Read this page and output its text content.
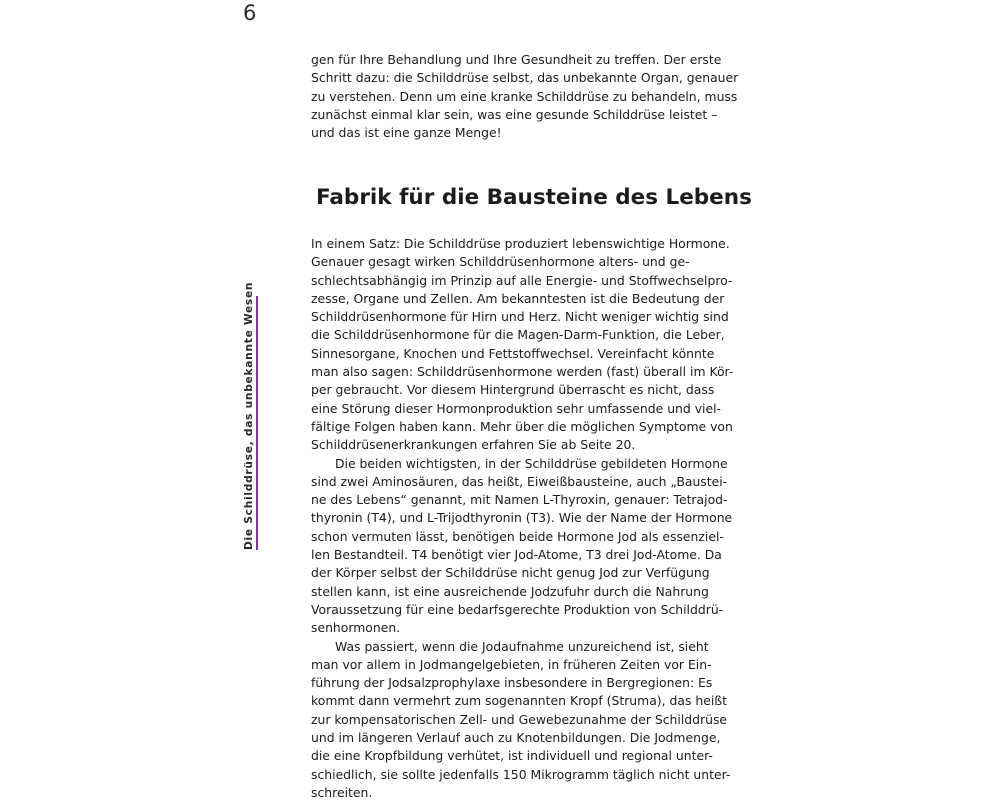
6
Die Schilddrüse, das unbekannte Wesen
gen für Ihre Behandlung und Ihre Gesundheit zu treffen. Der erste
Schritt dazu: die Schilddrüse selbst, das unbekannte Organ, genauer
zu verstehen. Denn um eine kranke Schilddrüse zu behandeln, muss
zunächst einmal klar sein, was eine gesunde Schilddrüse leistet –
und das ist eine ganze Menge!
Fabrik für die Bausteine des Lebens
In einem Satz: Die Schilddrüse produziert lebenswichtige Hormone.
Genauer gesagt wirken Schilddrüsenhormone alters- und ge-
schlechtsabhängig im Prinzip auf alle Energie- und Stoffwechselpro-
zesse, Organe und Zellen. Am bekanntesten ist die Bedeutung der
Schilddrüsenhormone für Hirn und Herz. Nicht weniger wichtig sind
die Schilddrüsenhormone für die Magen-Darm-Funktion, die Leber,
Sinnesorgane, Knochen und Fettstoffwechsel. Vereinfacht könnte
man also sagen: Schilddrüsenhormone werden (fast) überall im Kör-
per gebraucht. Vor diesem Hintergrund überrascht es nicht, dass
eine Störung dieser Hormonproduktion sehr umfassende und viel-
fältige Folgen haben kann. Mehr über die möglichen Symptome von
Schilddrüsenerkrankungen erfahren Sie ab Seite 20.
Die beiden wichtigsten, in der Schilddrüse gebildeten Hormone
sind zwei Aminosäuren, das heißt, Eiweißbausteine, auch „Baustei-
ne des Lebens“ genannt, mit Namen L-Thyroxin, genauer: Tetrajod-
thyronin (T4), und L-Trijodthyronin (T3). Wie der Name der Hormone
schon vermuten lässt, benötigen beide Hormone Jod als essenziel-
len Bestandteil. T4 benötigt vier Jod-Atome, T3 drei Jod-Atome. Da
der Körper selbst der Schilddrüse nicht genug Jod zur Verfügung
stellen kann, ist eine ausreichende Jodzufuhr durch die Nahrung
Voraussetzung für eine bedarfsgerechte Produktion von Schilddrü-
senhormonen.
Was passiert, wenn die Jodaufnahme unzureichend ist, sieht
man vor allem in Jodmangelgebieten, in früheren Zeiten vor Ein-
führung der Jodsalzprophylaxe insbesondere in Bergregionen: Es
kommt dann vermehrt zum sogenannten Kropf (Struma), das heißt
zur kompensatorischen Zell- und Gewebezunahme der Schilddrüse
und im längeren Verlauf auch zu Knotenbildungen. Die Jodmenge,
die eine Kropfbildung verhütet, ist individuell und regional unter-
schiedlich, sie sollte jedenfalls 150 Mikrogramm täglich nicht unter-
schreiten.
